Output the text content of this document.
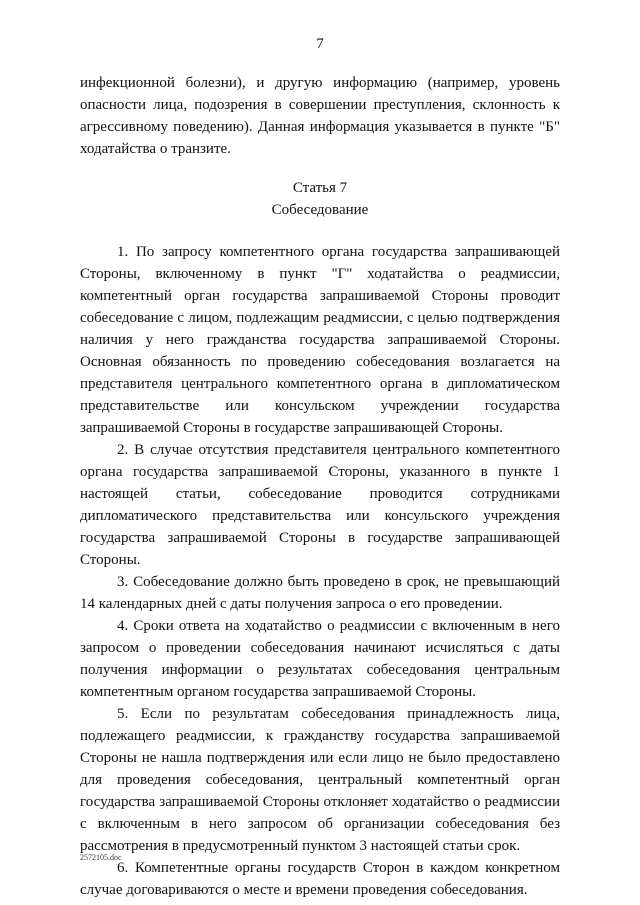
7

инфекционной болезни), и другую информацию (например, уровень опасности лица, подозрения в совершении преступления, склонность к агрессивному поведению). Данная информация указывается в пункте "Б" ходатайства о транзите.

Статья 7
Собеседование

1. По запросу компетентного органа государства запрашивающей Стороны, включенному в пункт "Г" ходатайства о реадмиссии, компетентный орган государства запрашиваемой Стороны проводит собеседование с лицом, подлежащим реадмиссии, с целью подтверждения наличия у него гражданства государства запрашиваемой Стороны. Основная обязанность по проведению собеседования возлагается на представителя центрального компетентного органа в дипломатическом представительстве или консульском учреждении государства запрашиваемой Стороны в государстве запрашивающей Стороны.

2. В случае отсутствия представителя центрального компетентного органа государства запрашиваемой Стороны, указанного в пункте 1 настоящей статьи, собеседование проводится сотрудниками дипломатического представительства или консульского учреждения государства запрашиваемой Стороны в государстве запрашивающей Стороны.

3. Собеседование должно быть проведено в срок, не превышающий 14 календарных дней с даты получения запроса о его проведении.

4. Сроки ответа на ходатайство о реадмиссии с включенным в него запросом о проведении собеседования начинают исчисляться с даты получения информации о результатах собеседования центральным компетентным органом государства запрашиваемой Стороны.

5. Если по результатам собеседования принадлежность лица, подлежащего реадмиссии, к гражданству государства запрашиваемой Стороны не нашла подтверждения или если лицо не было предоставлено для проведения собеседования, центральный компетентный орган государства запрашиваемой Стороны отклоняет ходатайство о реадмиссии с включенным в него запросом об организации собеседования без рассмотрения в предусмотренный пунктом 3 настоящей статьи срок.

6. Компетентные органы государств Сторон в каждом конкретном случае договариваются о месте и времени проведения собеседования.

2572105.doc
